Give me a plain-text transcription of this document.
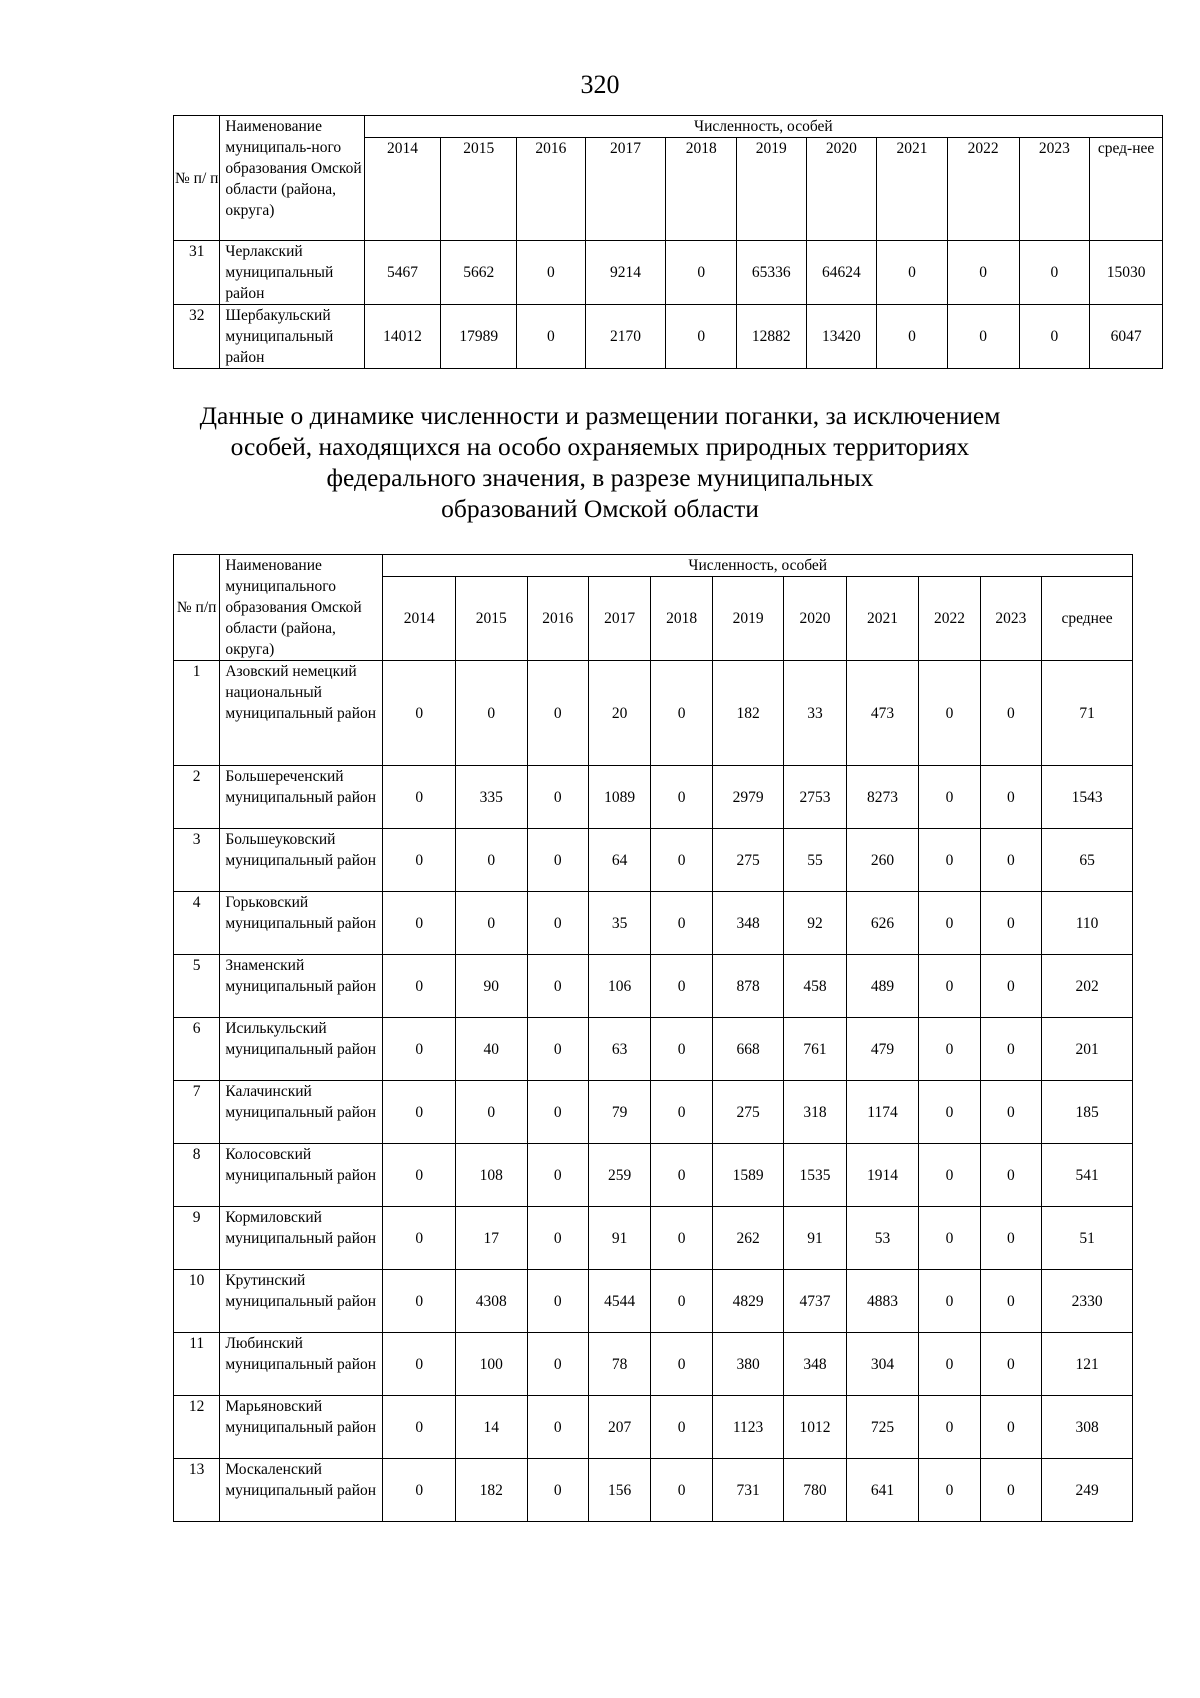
320
№ п/ п	Наименование муниципаль-ного образования Омской области (района, округа)	Численность, особей										
		2014	2015	2016	2017	2018	2019	2020	2021	2022	2023	сред-нее
31	Черлакский муниципальный район	5467	5662	0	9214	0	65336	64624	0	0	0	15030
32	Шербакульский муниципальный район	14012	17989	0	2170	0	12882	13420	0	0	0	6047
Данные о динамике численности и размещении поганки, за исключением
особей, находящихся на особо охраняемых природных территориях
федерального значения, в разрезе муниципальных
образований Омской области
№ п/п	Наименование муниципального образования Омской области (района, округа)	Численность, особей										
		2014	2015	2016	2017	2018	2019	2020	2021	2022	2023	среднее
1	Азовский немецкий национальный муниципальный район	0	0	0	20	0	182	33	473	0	0	71
2	Большереченский муниципальный район	0	335	0	1089	0	2979	2753	8273	0	0	1543
3	Большеуковский муниципальный район	0	0	0	64	0	275	55	260	0	0	65
4	Горьковский муниципальный район	0	0	0	35	0	348	92	626	0	0	110
5	Знаменский муниципальный район	0	90	0	106	0	878	458	489	0	0	202
6	Исилькульский муниципальный район	0	40	0	63	0	668	761	479	0	0	201
7	Калачинский муниципальный район	0	0	0	79	0	275	318	1174	0	0	185
8	Колосовский муниципальный район	0	108	0	259	0	1589	1535	1914	0	0	541
9	Кормиловский муниципальный район	0	17	0	91	0	262	91	53	0	0	51
10	Крутинский муниципальный район	0	4308	0	4544	0	4829	4737	4883	0	0	2330
11	Любинский муниципальный район	0	100	0	78	0	380	348	304	0	0	121
12	Марьяновский муниципальный район	0	14	0	207	0	1123	1012	725	0	0	308
13	Москаленский муниципальный район	0	182	0	156	0	731	780	641	0	0	249
